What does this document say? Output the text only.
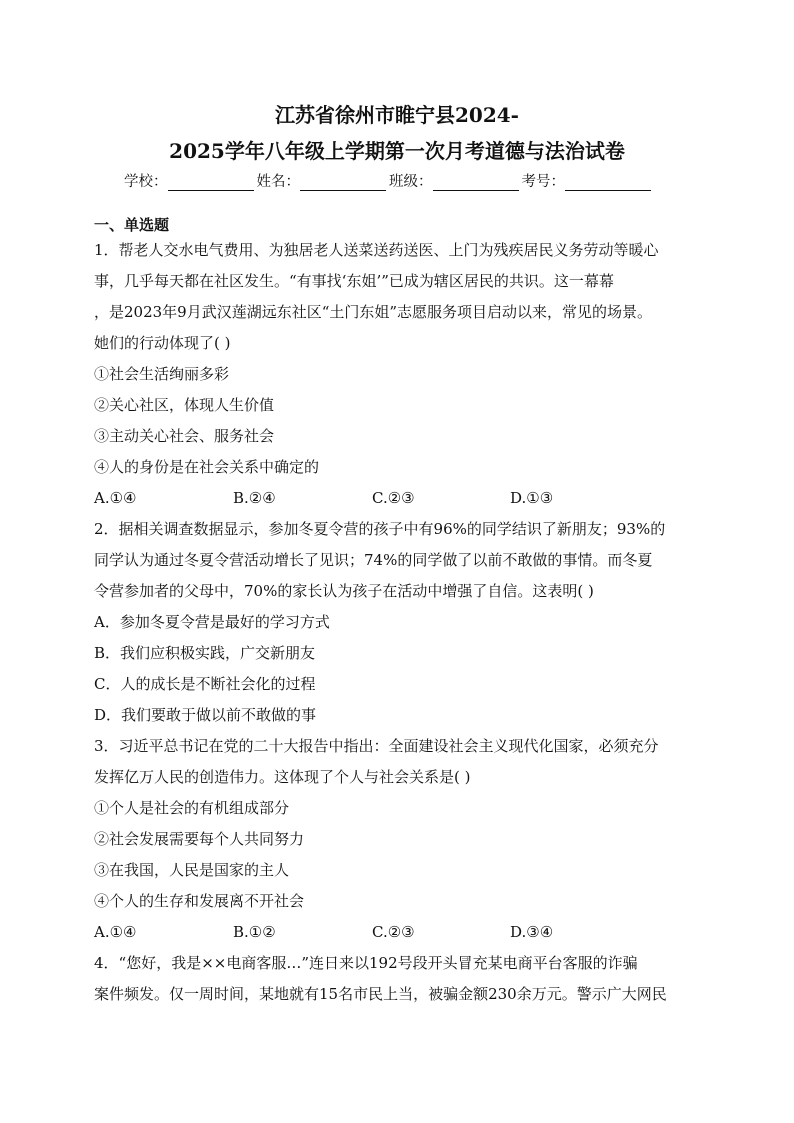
江苏省徐州市睢宁县2024-
2025学年八年级上学期第一次月考道德与法治试卷
学校：	姓名：	班级：	考号：
一、单选题
1．帮老人交水电气费用、为独居老人送菜送药送医、上门为残疾居民义务劳动等暖心
事，几乎每天都在社区发生。“有事找‘东姐’”已成为辖区居民的共识。这一幕幕
，是2023年9月武汉莲湖远东社区“土门东姐”志愿服务项目启动以来，常见的场景。
她们的行动体现了( )
①社会生活绚丽多彩
②关心社区，体现人生价值
③主动关心社会、服务社会
④人的身份是在社会关系中确定的
A.①④	B.②④	C.②③	D.①③
2．据相关调查数据显示，参加冬夏令营的孩子中有96%的同学结识了新朋友；93%的
同学认为通过冬夏令营活动增长了见识；74%的同学做了以前不敢做的事情。而冬夏
令营参加者的父母中，70%的家长认为孩子在活动中增强了自信。这表明( )
A．参加冬夏令营是最好的学习方式
B．我们应积极实践，广交新朋友
C．人的成长是不断社会化的过程
D．我们要敢于做以前不敢做的事
3．习近平总书记在党的二十大报告中指出：全面建设社会主义现代化国家，必须充分
发挥亿万人民的创造伟力。这体现了个人与社会关系是( )
①个人是社会的有机组成部分
②社会发展需要每个人共同努力
③在我国，人民是国家的主人
④个人的生存和发展离不开社会
A.①④	B.①②	C.②③	D.③④
4．“您好，我是××电商客服…”连日来以192号段开头冒充某电商平台客服的诈骗
案件频发。仅一周时间，某地就有15名市民上当，被骗金额230余万元。警示广大网民
